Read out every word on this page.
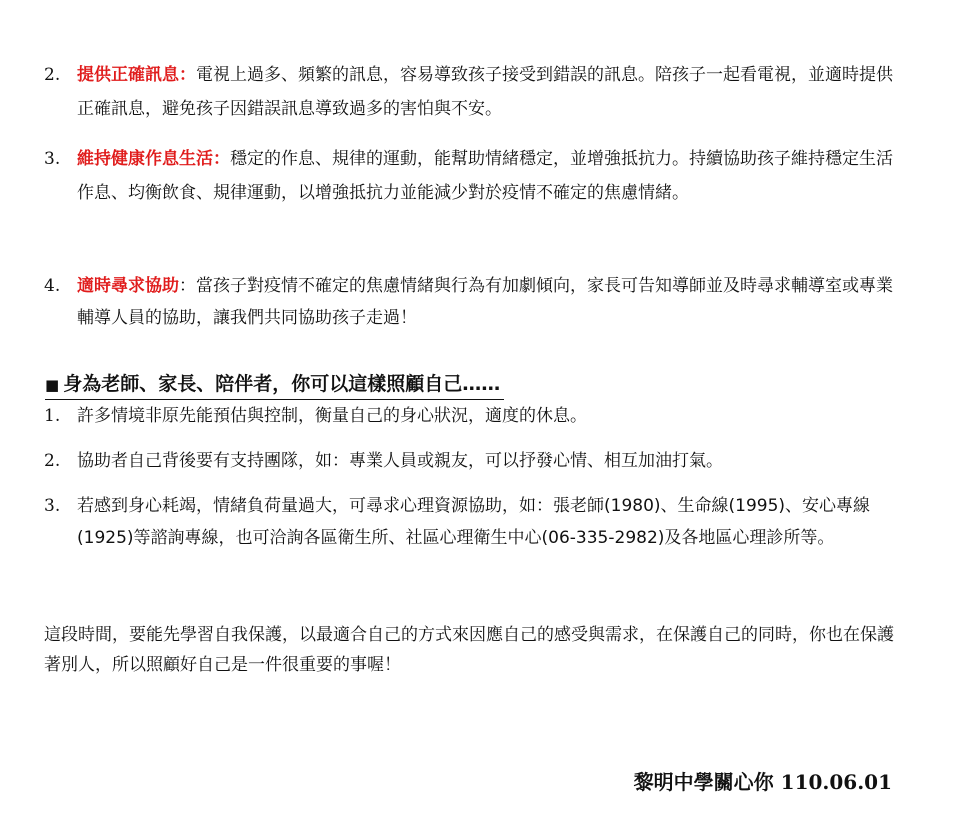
2. 提供正確訊息：電視上過多、頻繁的訊息，容易導致孩子接受到錯誤的訊息。陪孩子一起看電視，並適時提供正確訊息，避免孩子因錯誤訊息導致過多的害怕與不安。
3. 維持健康作息生活：穩定的作息、規律的運動，能幫助情緒穩定，並增強抵抗力。持續協助孩子維持穩定生活作息、均衡飲食、規律運動，以增強抵抗力並能減少對於疫情不確定的焦慮情緒。
4. 適時尋求協助：當孩子對疫情不確定的焦慮情緒與行為有加劇傾向，家長可告知導師並及時尋求輔導室或專業輔導人員的協助，讓我們共同協助孩子走過！
■ 身為老師、家長、陪伴者，你可以這樣照顧自己……
1. 許多情境非原先能預估與控制，衡量自己的身心狀況，適度的休息。
2. 協助者自己背後要有支持團隊，如：專業人員或親友，可以抒發心情、相互加油打氣。
3. 若感到身心耗竭，情緒負荷量過大，可尋求心理資源協助，如：張老師(1980)、生命線(1995)、安心專線(1925)等諮詢專線，也可洽詢各區衛生所、社區心理衛生中心(06-335-2982)及各地區心理診所等。
這段時間，要能先學習自我保護，以最適合自己的方式來因應自己的感受與需求，在保護自己的同時，你也在保護著別人，所以照顧好自己是一件很重要的事喔！
黎明中學關心你 110.06.01
